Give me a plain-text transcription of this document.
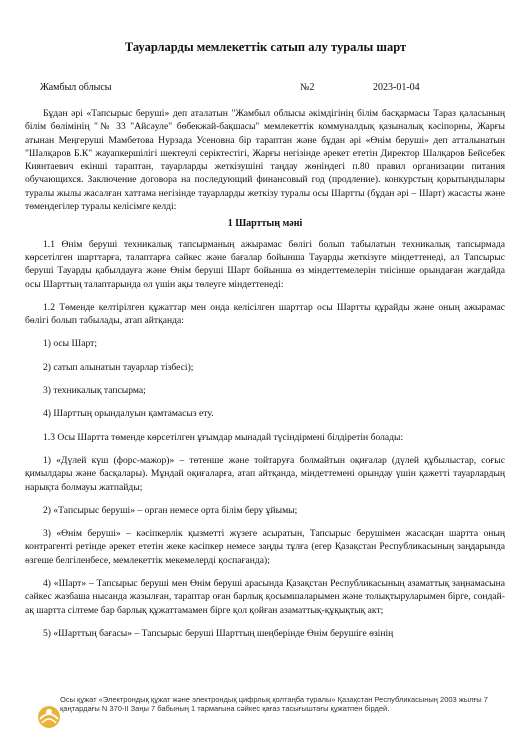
Тауарларды мемлекеттік сатып алу туралы шарт
Жамбыл облысы	№2	2023-01-04

Бұдан әрі «Тапсырыс беруші» деп аталатын "Жамбыл облысы әкімдігінің білім басқармасы Тараз қаласының білім бөлімінің "№ 33 "Айсәуле" бөбекжай-бақшасы" мемлекеттік коммуналдық қазыналық кәсіпорны, Жарғы атынан Меңгеруші Мамбетова Нурзада Усеновна бір тараптан және бұдан әрі «Өнім беруші» деп атталынатын "Шалқаров Б.К" жауапкершілігі шектеулі серіктестігі, Жарғы негізінде әрекет ететін Директор Шалқаров Бейсебек Киянтаевич екінші тараптан, тауарларды жеткізушіні таңдау жөніндегі п.80 правил организации питания обучающихся. Заключение договора на последующий финансовый год (продление). конкурстың қорытындылары туралы жылы жасалған хаттама негізінде тауарларды жеткізу туралы осы Шартты (бұдан әрі – Шарт) жасасты және төмендегілер туралы келісімге келді:

1 Шарттың мәні

1.1 Өнім беруші техникалық тапсырманың ажырамас бөлігі болып табылатын техникалық тапсырмада көрсетілген шарттарға, талаптарға сәйкес және бағалар бойынша Тауарды жеткізуге міндеттенеді, ал Тапсырыс беруші Тауарды қабылдауға және Өнім беруші Шарт бойынша өз міндеттемелерін тиісінше орындаған жағдайда осы Шарттың талаптарында ол үшін ақы төлеуге міндеттенеді:

1.2 Төменде келтірілген құжаттар мен онда келісілген шарттар осы Шартты құрайды және оның ажырамас бөлігі болып табылады, атап айтқанда:

1) осы Шарт;

2) сатып алынатын тауарлар тізбесі);

3) техникалық тапсырма;

4) Шарттың орындалуын қамтамасыз ету.

1.3 Осы Шартта төменде көрсетілген ұғымдар мынадай түсіндірмені білдіретін болады:

1) «Дүлей күш (форс-мажор)» – төтенше және тойтаруға болмайтын оқиғалар (дүлей құбылыстар, соғыс қимылдары және басқалары). Мұндай оқиғаларға, атап айтқанда, міндеттемені орындау үшін қажетті тауарлардың нарықта болмауы жатпайды;

2) «Тапсырыс беруші» – орган немесе орта білім беру ұйымы;

3) «Өнім беруші» – кәсіпкерлік қызметті жүзеге асыратын, Тапсырыс берушімен жасасқан шартта оның контрагенті ретінде әрекет ететін жеке кәсіпкер немесе заңды тұлға (егер Қазақстан Республикасының заңдарында өзгеше белгіленбесе, мемлекеттік мекемелерді қоспағанда);

4) «Шарт» – Тапсырыс беруші мен Өнім беруші арасында Қазақстан Республикасының азаматтық заңнамасына сәйкес жазбаша нысанда жазылған, тараптар оған барлық қосымшаларымен және толықтыруларымен бірге, сондай-ақ шартта сілтеме бар барлық құжаттамамен бірге қол қойған азаматтық-құқықтық акт;

5) «Шарттың бағасы» – Тапсырыс беруші Шарттың шеңберінде Өнім берушіге өзінің

Осы құжат «Электрондық құжат және электрондық цифрлық қолтаңба туралы» Қазақстан Республикасының 2003 жылғы 7 қаңтардағы N 370-II Заңы 7 бабының 1 тармағына сәйкес қағаз тасығыштағы құжатпен бірдей.
